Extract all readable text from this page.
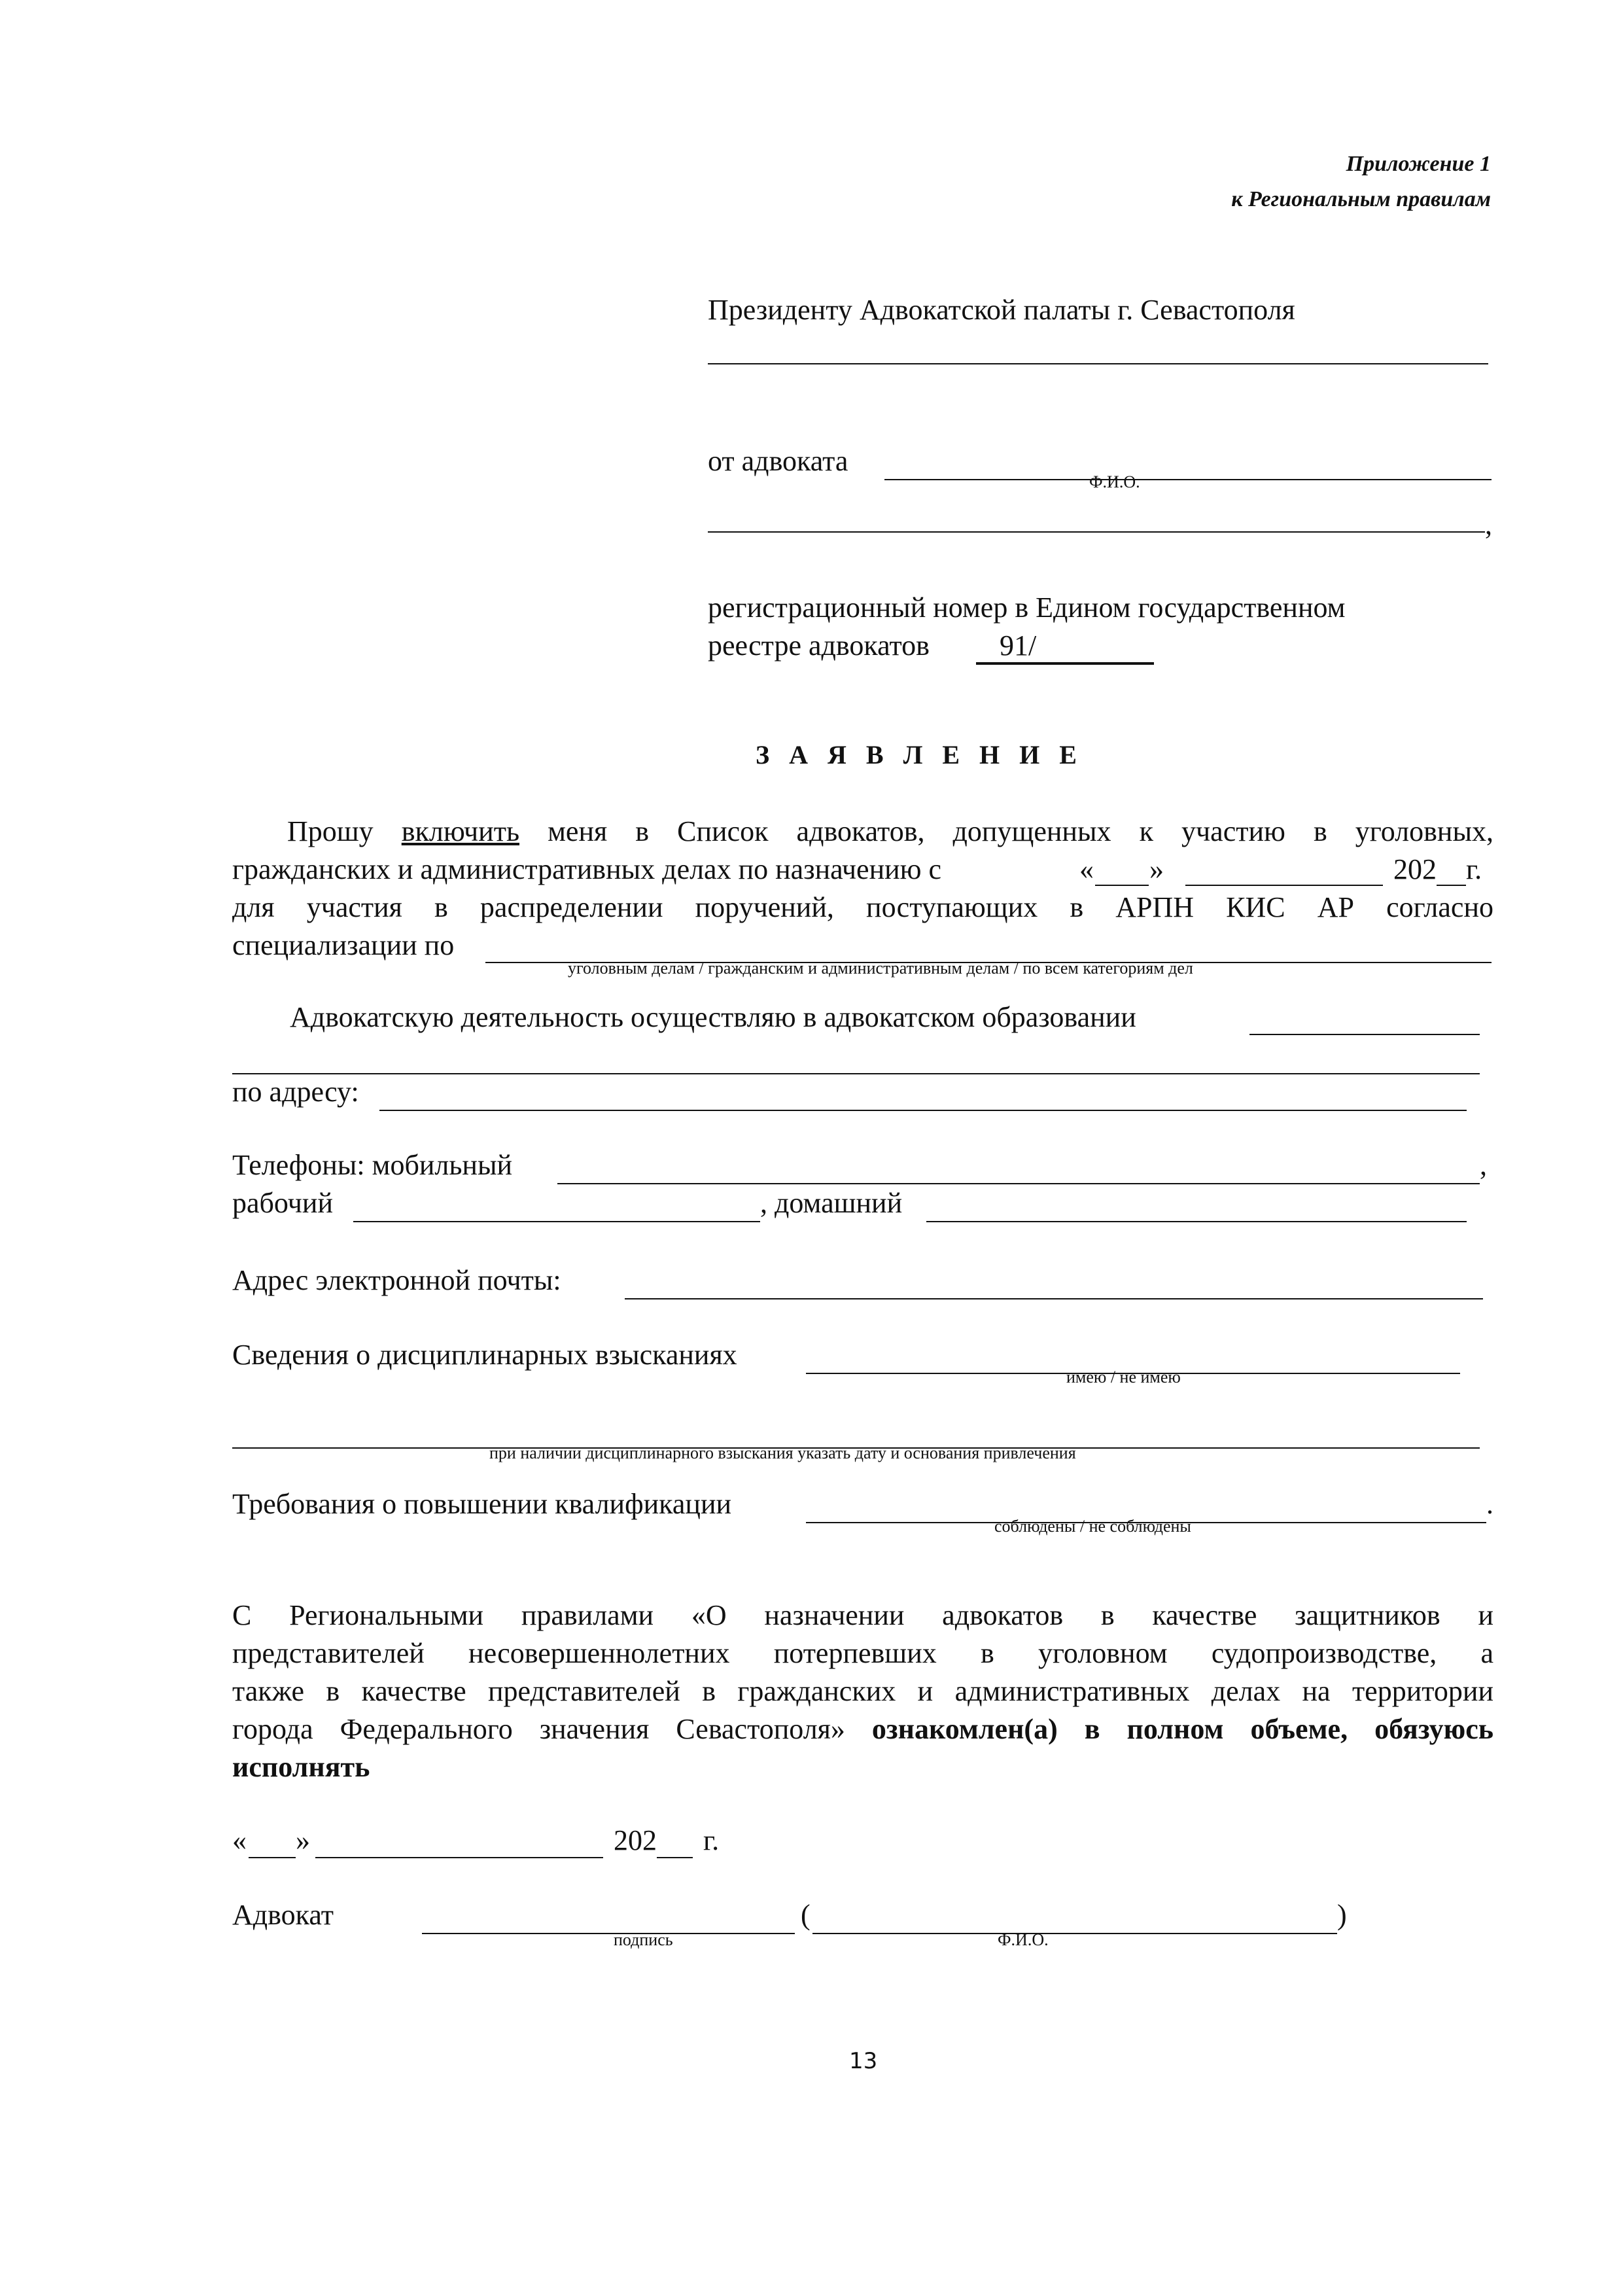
Приложение 1
к Региональным правилам
Президенту Адвокатской палаты г. Севастополя
от адвоката
Ф.И.О.
,
регистрационный номер в Едином государственном
реестре адвокатов 91/
З А Я В Л Е Н И Е
Прошу включить меня в Список адвокатов, допущенных к участию в уголовных,
гражданских и административных делах по назначению с	« »	202 г.
для участия в распределении поручений, поступающих в АРПН КИС АР согласно
специализации по
уголовным делам / гражданским и административным делам / по всем категориям дел
Адвокатскую деятельность осуществляю в адвокатском образовании
по адресу:
Телефоны: мобильный	,
рабочий	, домашний
Адрес электронной почты:
Сведения о дисциплинарных взысканиях
имею / не имею
при наличии дисциплинарного взыскания указать дату и основания привлечения
Требования о повышении квалификации	.
соблюдены / не соблюдены
С Региональными правилами «О назначении адвокатов в качестве защитников и
представителей несовершеннолетних потерпевших в уголовном судопроизводстве, а
также в качестве представителей в гражданских и административных делах на территории
города Федерального значения Севастополя» ознакомлен(а) в полном объеме, обязуюсь
исполнять
« »	202 г.
Адвокат
подпись
(	)
Ф.И.О.
13
